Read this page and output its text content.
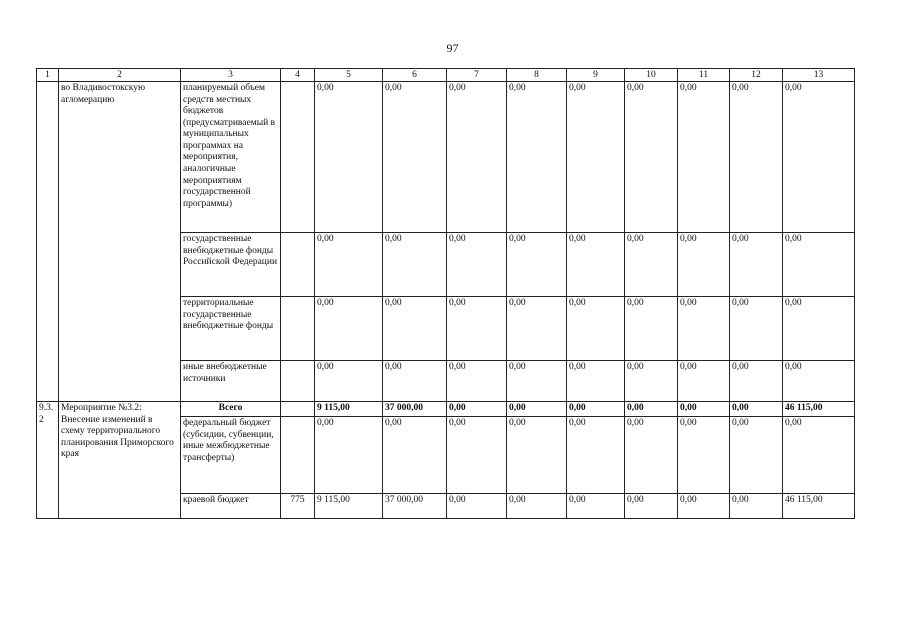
97
1	2	3	4	5	6	7	8	9	10	11	12	13
	во Владивостокскую агломерацию	планируемый объем средств местных бюджетов (предусматриваемый в муниципальных программах на мероприятия, аналогичные мероприятиям государственной программы)		0,00	0,00	0,00	0,00	0,00	0,00	0,00	0,00	0,00
		государственные внебюджетные фонды Российской Федерации		0,00	0,00	0,00	0,00	0,00	0,00	0,00	0,00	0,00
		территориальные государственные внебюджетные фонды		0,00	0,00	0,00	0,00	0,00	0,00	0,00	0,00	0,00
		иные внебюджетные источники		0,00	0,00	0,00	0,00	0,00	0,00	0,00	0,00	0,00
9.3.2	Мероприятие №3.2: Внесение изменений в схему территориального планирования Приморского края	Всего		9 115,00	37 000,00	0,00	0,00	0,00	0,00	0,00	0,00	46 115,00
		федеральный бюджет (субсидии, субвенции, иные межбюджетные трансферты)		0,00	0,00	0,00	0,00	0,00	0,00	0,00	0,00	0,00
		краевой бюджет	775	9 115,00	37 000,00	0,00	0,00	0,00	0,00	0,00	0,00	46 115,00
